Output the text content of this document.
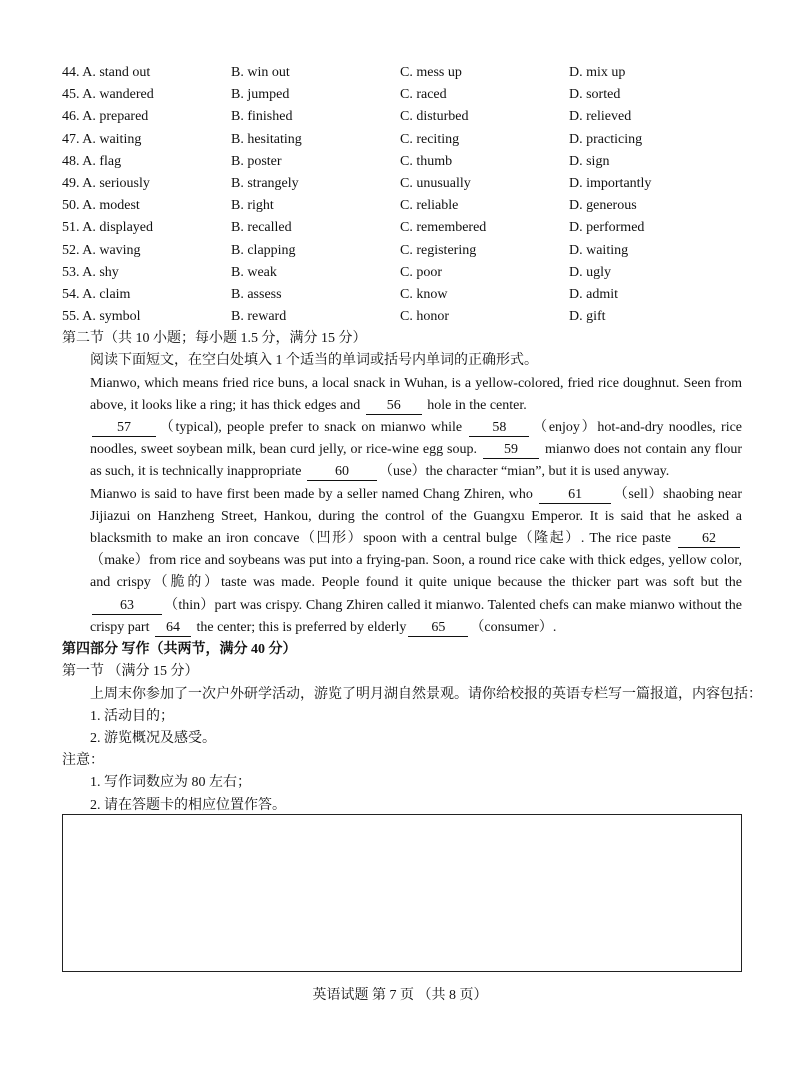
44. A. stand out	B. win out	C. mess up	D. mix up
45. A. wandered	B. jumped	C. raced	D. sorted
46. A. prepared	B. finished	C. disturbed	D. relieved
47. A. waiting	B. hesitating	C. reciting	D. practicing
48. A. flag	B. poster	C. thumb	D. sign
49. A. seriously	B. strangely	C. unusually	D. importantly
50. A. modest	B. right	C. reliable	D. generous
51. A. displayed	B. recalled	C. remembered	D. performed
52. A. waving	B. clapping	C. registering	D. waiting
53. A. shy	B. weak	C. poor	D. ugly
54. A. claim	B. assess	C. know	D. admit
55. A. symbol	B. reward	C. honor	D. gift
第二节（共 10 小题；每小题 1.5 分，满分 15 分）
阅读下面短文，在空白处填入 1 个适当的单词或括号内单词的正确形式。
Mianwo, which means fried rice buns, a local snack in Wuhan, is a yellow-colored, fried rice doughnut. Seen from above, it looks like a ring; it has thick edges and 56 hole in the center.
57 （typical), people prefer to snack on mianwo while 58 （enjoy）hot-and-dry noodles, rice noodles, sweet soybean milk, bean curd jelly, or rice-wine egg soup. 59 mianwo does not contain any flour as such, it is technically inappropriate 60 （use）the character “mian”, but it is used anyway.
Mianwo is said to have first been made by a seller named Chang Zhiren, who	61 （sell）shaobing near Jijiazui on Hanzheng Street, Hankou, during the control of the Guangxu Emperor. It is said that he asked a blacksmith to make an iron concave（凹形）spoon with a central bulge（隆起）. The rice paste 62（make）from rice and soybeans was put into a frying-pan. Soon, a round rice cake with thick edges, yellow color, and crispy（脆的）taste was made. People found it quite unique because the thicker part was soft but the 63 （thin）part was crispy. Chang Zhiren called it mianwo. Talented chefs can make mianwo without the crispy part 64 the center; this is preferred by elderly 65 （consumer）.
第四部分 写作（共两节，满分 40 分）
第一节 （满分 15 分）
上周末你参加了一次户外研学活动，游览了明月湖自然景观。请你给校报的英语专栏写一篇报道，内容包括：
1. 活动目的；
2. 游览概况及感受。
注意：
1. 写作词数应为 80 左右；
2. 请在答题卡的相应位置作答。
英语试题 第 7 页 （共 8 页）
